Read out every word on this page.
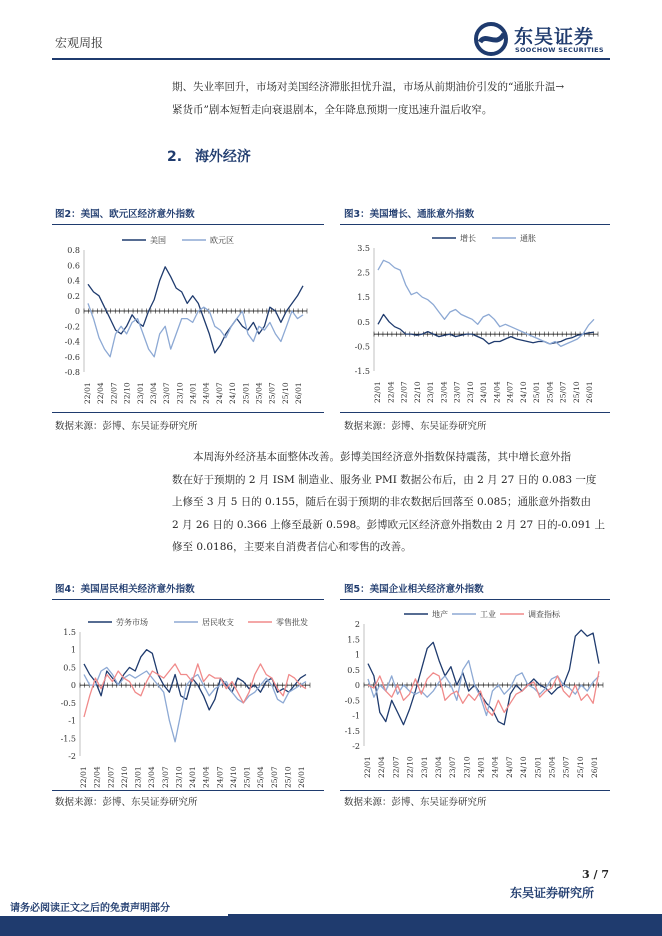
宏观周报	东吴证券
SOOCHOW SECURITIES

期、失业率回升，市场对美国经济滞胀担忧升温，市场从前期油价引发的“通胀升温→

紧货币”剧本短暂走向衰退剧本，全年降息预期一度迅速升温后收窄。

2. 海外经济
图2：美国、欧元区经济意外指数
美国	欧元区
0.8
0.6
0.4
0.2
0
-0.2
-0.4
-0.6
-0.8
22/01 22/04 22/07 22/10 23/01 23/04 23/07 23/10 24/01 24/04 24/07 24/10 25/01 25/04 25/07 25/10 26/01
数据来源：彭博、东吴证券研究所
图3：美国增长、通胀意外指数
增长	通胀
3.5
2.5
1.5
0.5
-0.5
-1.5
22/01 22/04 22/07 22/10 23/01 23/04 23/07 23/10 24/01 24/04 24/07 24/10 25/01 25/04 25/07 25/10 26/01
数据来源：彭博、东吴证券研究所

本周海外经济基本面整体改善。彭博美国经济意外指数保持震荡，其中增长意外指

数在好于预期的 2 月 ISM 制造业、服务业 PMI 数据公布后，由 2 月 27 日的 0.083 一度

上修至 3 月 5 日的 0.155，随后在弱于预期的非农数据后回落至 0.085；通胀意外指数由

2 月 26 日的 0.366 上修至最新 0.598。彭博欧元区经济意外指数由 2 月 27 日的-0.091 上

修至 0.0186，主要来自消费者信心和零售的改善。

图4：美国居民相关经济意外指数
劳务市场	居民收支	零售批发
1.5
1
0.5
0
-0.5
-1
-1.5
-2
22/01 22/04 22/07 22/10 23/01 23/04 23/07 23/10 24/01 24/04 24/07 24/10 25/01 25/04 25/07 25/10 26/01
数据来源：彭博、东吴证券研究所
图5：美国企业相关经济意外指数
地产	工业	调查指标
2
1.5
1
0.5
0
-0.5
-1
-1.5
-2
22/01 22/04 22/07 22/10 23/01 23/04 23/07 23/10 24/01 24/04 24/07 24/10 25/01 25/04 25/07 25/10 26/01
数据来源：彭博、东吴证券研究所
3 / 7
东吴证券研究所
请务必阅读正文之后的免责声明部分
